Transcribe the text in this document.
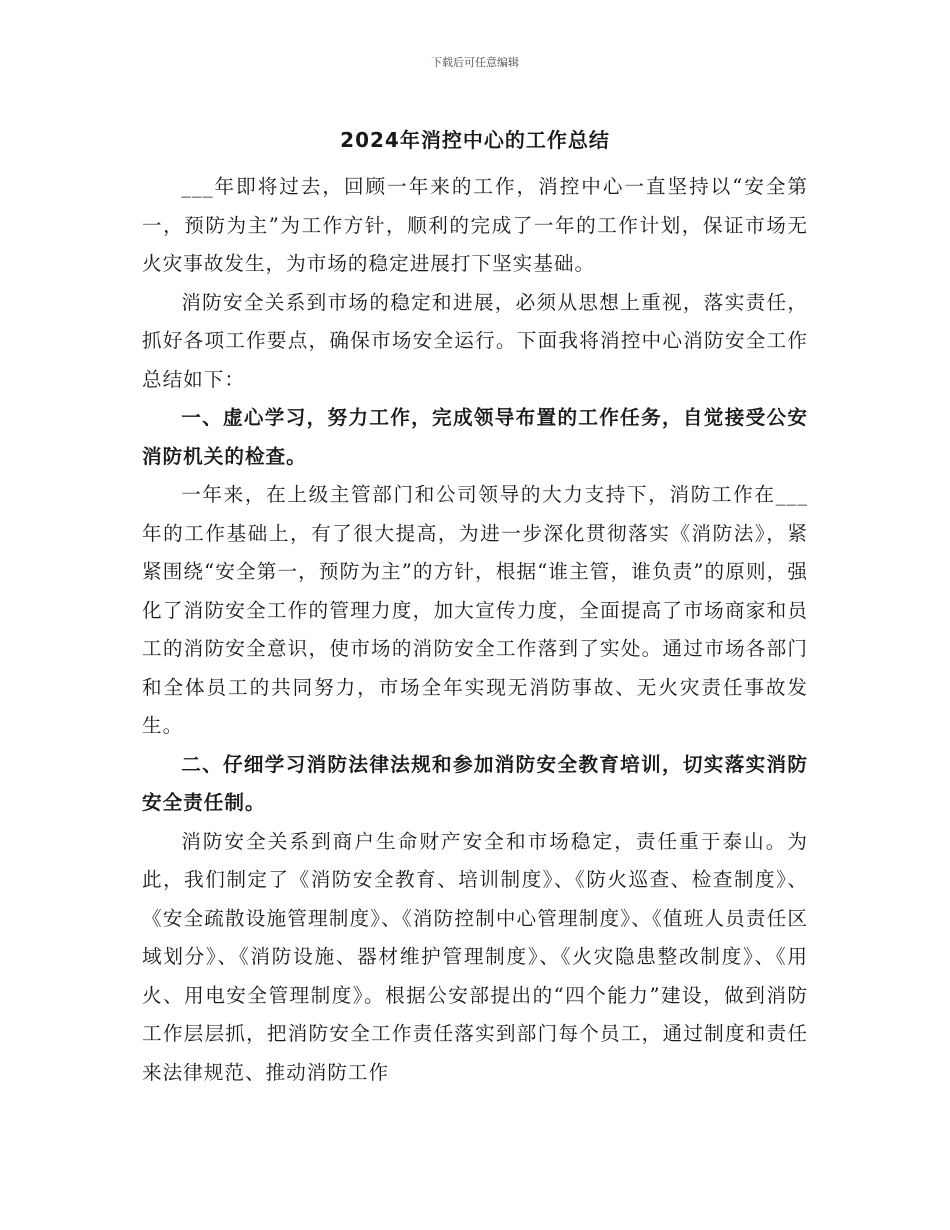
下载后可任意编辑
2024年消控中心的工作总结

___年即将过去，回顾一年来的工作，消控中心一直坚持以“安全第一，预防为主”为工作方针，顺利的完成了一年的工作计划，保证市场无火灾事故发生，为市场的稳定进展打下坚实基础。

消防安全关系到市场的稳定和进展，必须从思想上重视，落实责任，抓好各项工作要点，确保市场安全运行。下面我将消控中心消防安全工作总结如下：

一、虚心学习，努力工作，完成领导布置的工作任务，自觉接受公安消防机关的检查。

一年来，在上级主管部门和公司领导的大力支持下，消防工作在___年的工作基础上，有了很大提高，为进一步深化贯彻落实《消防法》，紧紧围绕“安全第一，预防为主”的方针，根据“谁主管，谁负责”的原则，强化了消防安全工作的管理力度，加大宣传力度，全面提高了市场商家和员工的消防安全意识，使市场的消防安全工作落到了实处。通过市场各部门和全体员工的共同努力，市场全年实现无消防事故、无火灾责任事故发生。

二、仔细学习消防法律法规和参加消防安全教育培训，切实落实消防安全责任制。

消防安全关系到商户生命财产安全和市场稳定，责任重于泰山。为此，我们制定了《消防安全教育、培训制度》、《防火巡查、检查制度》、《安全疏散设施管理制度》、《消防控制中心管理制度》、《值班人员责任区域划分》、《消防设施、器材维护管理制度》、《火灾隐患整改制度》、《用火、用电安全管理制度》。根据公安部提出的“四个能力”建设，做到消防工作层层抓，把消防安全工作责任落实到部门每个员工，通过制度和责任来法律规范、推动消防工作
